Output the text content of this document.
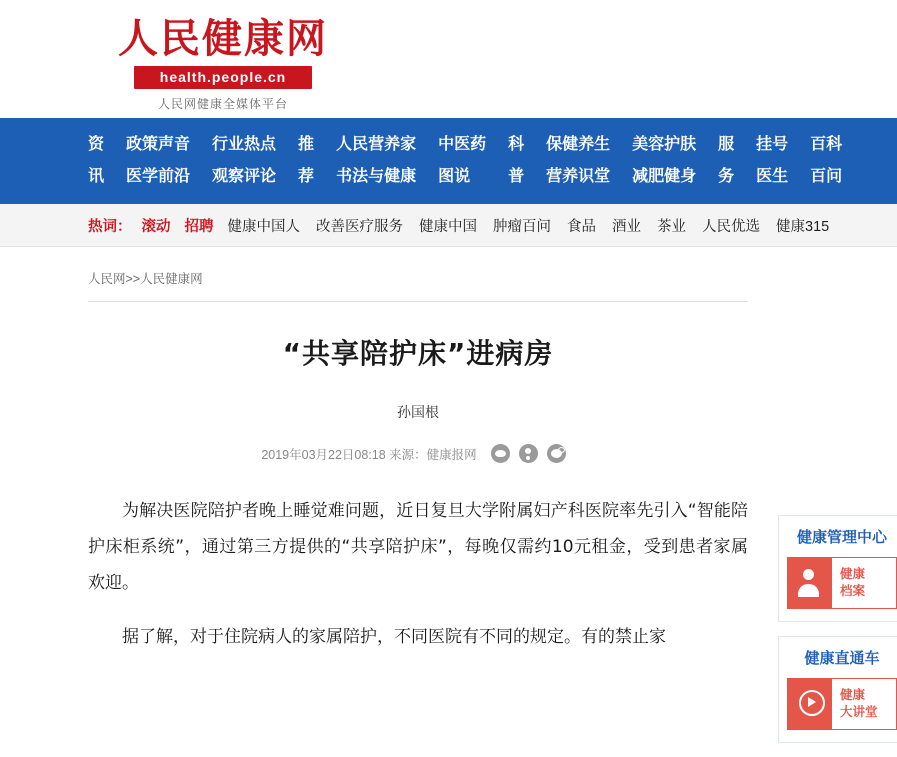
人民健康网
health.people.cn
人民网健康全媒体平台
资
讯
政策声音
医学前沿
行业热点
观察评论
推
荐
人民营养家
书法与健康
中医药
图说
科
普
保健养生
营养识堂
美容护肤
减肥健身
服
务
挂号
医生
百科
百问
热词： 滚动 招聘 健康中国人 改善医疗服务 健康中国 肿瘤百问 食品 酒业 茶业 人民优选 健康315
人民网>>人民健康网
“共享陪护床”进病房
孙国根
2019年03月22日08:18 来源：健康报网

为解决医院陪护者晚上睡觉难问题，近日复旦大学附属妇产科医院率先引入“智能陪护床柜系统”，通过第三方提供的“共享陪护床”，每晚仅需约10元租金，受到患者家属欢迎。

据了解，对于住院病人的家属陪护，不同医院有不同的规定。有的禁止家

健康管理中心
健康
档案
健康直通车
健康
大讲堂
